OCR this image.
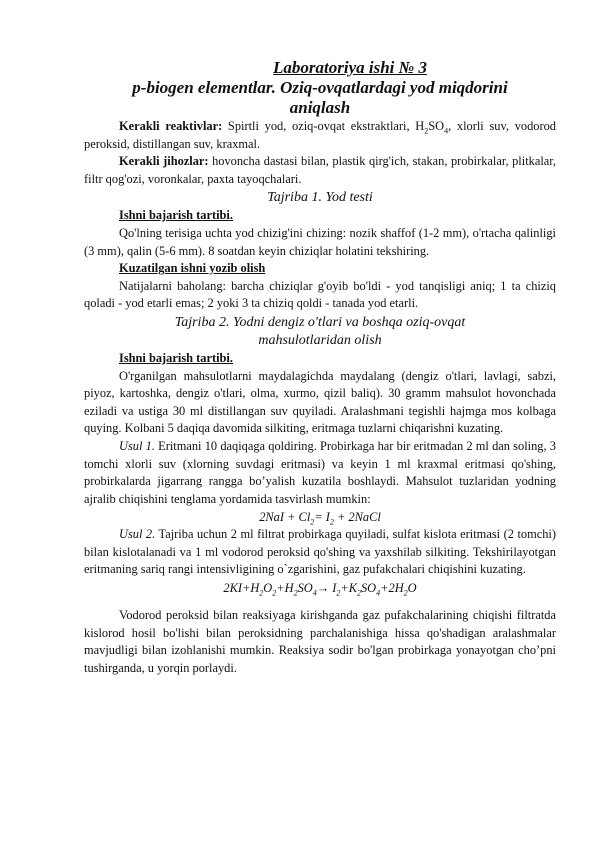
Laboratoriya ishi № 3

p-biogen elementlar. Oziq-ovqatlardagi yod miqdorini

aniqlash

Kerakli reaktivlar: Spirtli yod, oziq-ovqat ekstraktlari, $H_2SO_4$, xlorli suv, vodorod peroksid, distillangan suv, kraxmal.

Kerakli jihozlar: hovoncha dastasi bilan, plastik qirg'ich, stakan, probirkalar, plitkalar, filtr qog'ozi, voronkalar, paxta tayoqchalari.

Tajriba 1. Yod testi

Ishni bajarish tartibi.

Qo'lning terisiga uchta yod chizig'ini chizing: nozik shaffof (1-2 mm), o'rtacha qalinligi (3 mm), qalin (5-6 mm). 8 soatdan keyin chiziqlar holatini tekshiring.

Kuzatilgan ishni yozib olish

Natijalarni baholang: barcha chiziqlar g'oyib bo'ldi - yod tanqisligi aniq; 1 ta chiziq qoladi - yod etarli emas; 2 yoki 3 ta chiziq qoldi - tanada yod etarli.

Tajriba 2. Yodni dengiz o'tlari va boshqa oziq-ovqat

mahsulotlaridan olish

Ishni bajarish tartibi.

O'rganilgan mahsulotlarni maydalagichda maydalang (dengiz o'tlari, lavlagi, sabzi, piyoz, kartoshka, dengiz o'tlari, olma, xurmo, qizil baliq). 30 gramm mahsulot hovonchada eziladi va ustiga 30 ml distillangan suv quyiladi. Aralashmani tegishli hajmga mos kolbaga quying. Kolbani 5 daqiqa davomida silkiting, eritmaga tuzlarni chiqarishni kuzating.

Usul 1. Eritmani 10 daqiqaga qoldiring. Probirkaga har bir eritmadan 2 ml dan soling, 3 tomchi xlorli suv (xlorning suvdagi eritmasi) va keyin 1 ml kraxmal eritmasi qo'shing, probirkalarda jigarrang rangga bo’yalish kuzatila boshlaydi. Mahsulot tuzlaridan yodning ajralib chiqishini tenglama yordamida tasvirlash mumkin:

$2NaI + Cl_2= I_2$ + 2NaCl

Usul 2. Tajriba uchun 2 ml filtrat probirkaga quyiladi, sulfat kislota eritmasi (2 tomchi) bilan kislotalanadi va 1 ml vodorod peroksid qo'shing va yaxshilab silkiting. Tekshirilayotgan eritmaning sariq rangi intensivligining o`zgarishini, gaz pufakchalari chiqishini kuzating.

$2KI+H_2O_2+H_2SO_4\to I_2+K_2SO_4+2H_2O$

Vodorod peroksid bilan reaksiyaga kirishganda gaz pufakchalarining chiqishi filtratda kislorod hosil bo'lishi bilan peroksidning parchalanishiga hissa qo'shadigan aralashmalar mavjudligi bilan izohlanishi mumkin. Reaksiya sodir bo'lgan probirkaga yonayotgan cho’pni tushirganda, u yorqin porlaydi.
